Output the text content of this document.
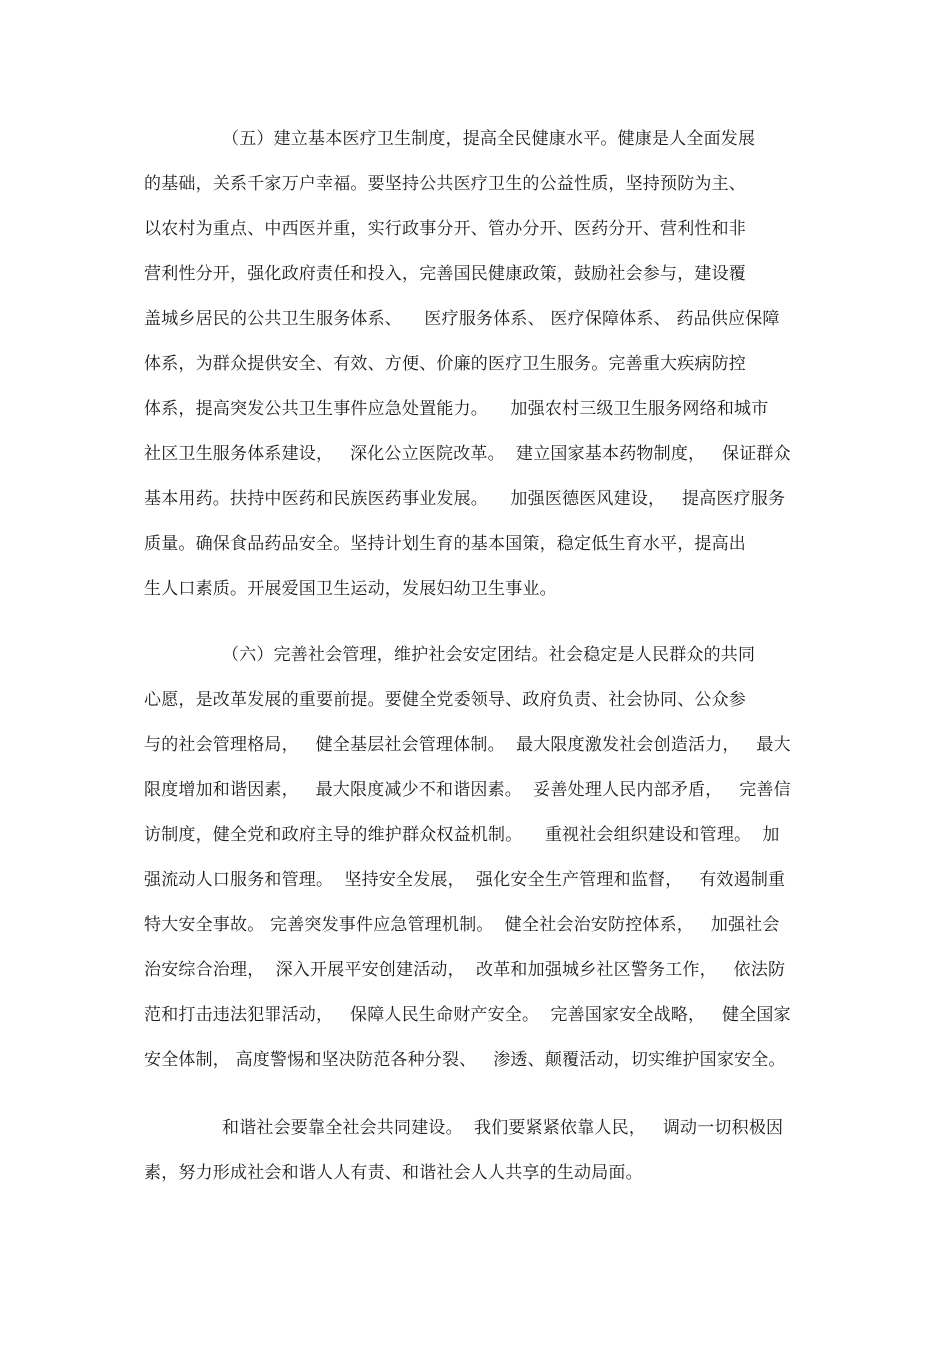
（五）建立基本医疗卫生制度，提高全民健康水平。健康是人全面发展
的基础，关系千家万户幸福。要坚持公共医疗卫生的公益性质，坚持预防为主、
以农村为重点、中西医并重，实行政事分开、管办分开、医药分开、营利性和非
营利性分开，强化政府责任和投入，完善国民健康政策，鼓励社会参与，建设覆
盖城乡居民的公共卫生服务体系、    医疗服务体系、 医疗保障体系、 药品供应保障
体系，为群众提供安全、有效、方便、价廉的医疗卫生服务。完善重大疾病防控
体系，提高突发公共卫生事件应急处置能力。    加强农村三级卫生服务网络和城市
社区卫生服务体系建设，   深化公立医院改革。  建立国家基本药物制度，   保证群众
基本用药。扶持中医药和民族医药事业发展。    加强医德医风建设，   提高医疗服务
质量。确保食品药品安全。坚持计划生育的基本国策，稳定低生育水平，提高出
生人口素质。开展爱国卫生运动，发展妇幼卫生事业。
（六）完善社会管理，维护社会安定团结。社会稳定是人民群众的共同
心愿，是改革发展的重要前提。要健全党委领导、政府负责、社会协同、公众参
与的社会管理格局，   健全基层社会管理体制。  最大限度激发社会创造活力，   最大
限度增加和谐因素，   最大限度减少不和谐因素。  妥善处理人民内部矛盾，   完善信
访制度，健全党和政府主导的维护群众权益机制。    重视社会组织建设和管理。  加
强流动人口服务和管理。  坚持安全发展，  强化安全生产管理和监督，   有效遏制重
特大安全事故。 完善突发事件应急管理机制。  健全社会治安防控体系，   加强社会
治安综合治理，  深入开展平安创建活动，  改革和加强城乡社区警务工作，   依法防
范和打击违法犯罪活动，   保障人民生命财产安全。  完善国家安全战略，   健全国家
安全体制， 高度警惕和坚决防范各种分裂、   渗透、颠覆活动，切实维护国家安全。
和谐社会要靠全社会共同建设。  我们要紧紧依靠人民，   调动一切积极因
素，努力形成社会和谐人人有责、和谐社会人人共享的生动局面。
